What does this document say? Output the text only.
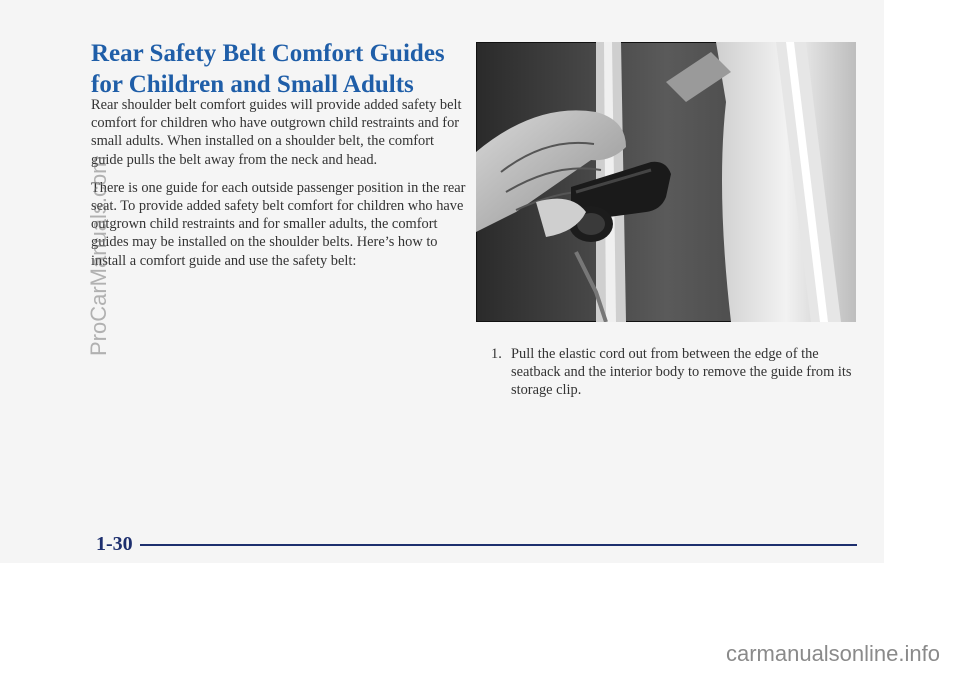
Rear Safety Belt Comfort Guides for Children and Small Adults

Rear shoulder belt comfort guides will provide added safety belt comfort for children who have outgrown child restraints and for small adults. When installed on a shoulder belt, the comfort guide pulls the belt away from the neck and head.

There is one guide for each outside passenger position in the rear seat. To provide added safety belt comfort for children who have outgrown child restraints and for smaller adults, the comfort guides may be installed on the shoulder belts. Here’s how to install a comfort guide and use the safety belt:

1. Pull the elastic cord out from between the edge of the seatback and the interior body to remove the guide from its storage clip.
1-30
ProCarManuals.com
carmanualsonline.info
